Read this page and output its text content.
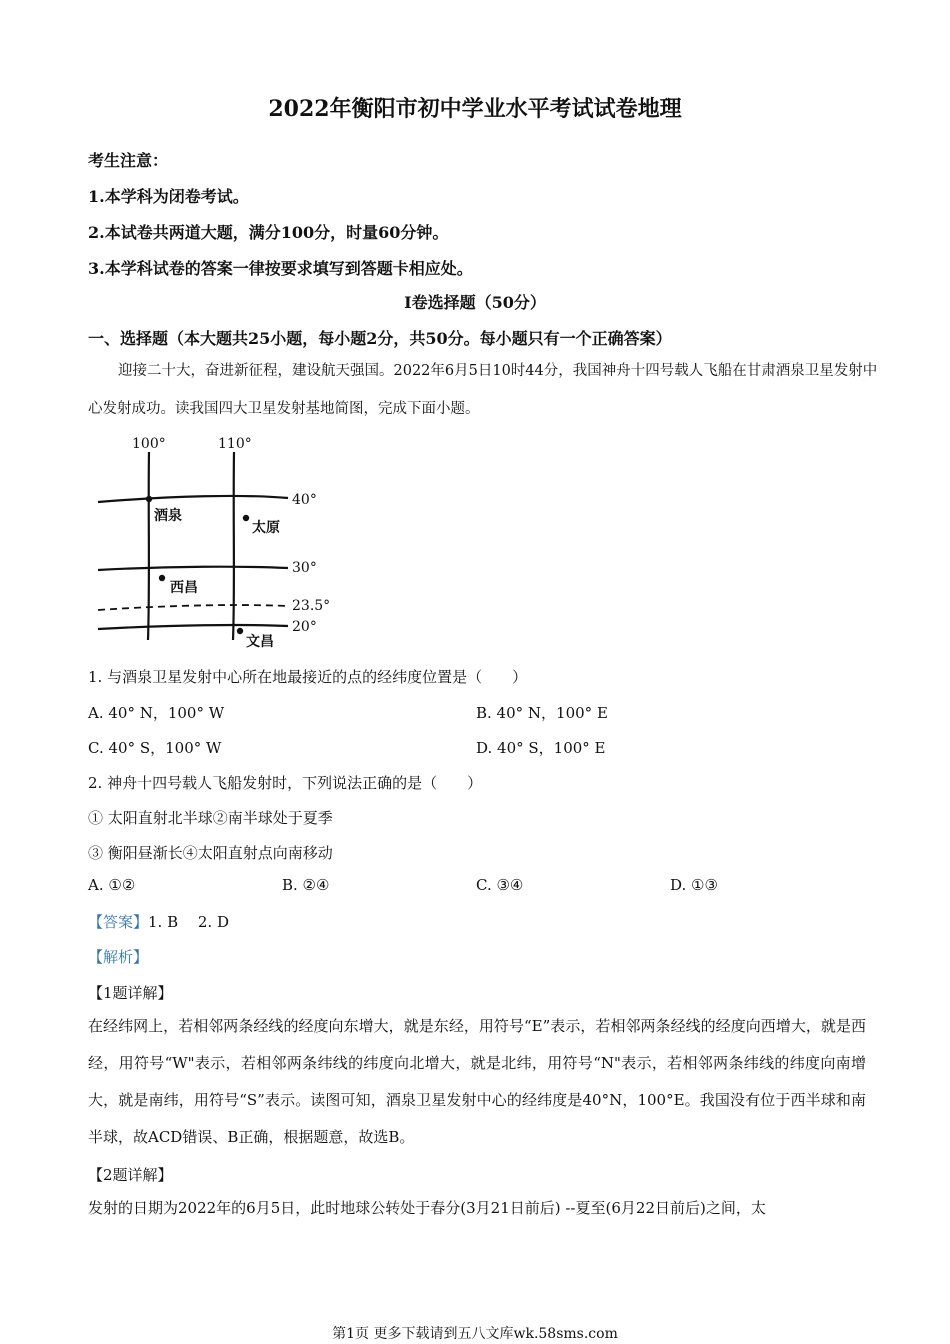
2022年衡阳市初中学业水平考试试卷地理
考生注意：
1.本学科为闭卷考试。
2.本试卷共两道大题，满分100分，时量60分钟。
3.本学科试卷的答案一律按要求填写到答题卡相应处。
I卷选择题（50分）
一、选择题（本大题共25小题，每小题2分，共50分。每小题只有一个正确答案）
迎接二十大，奋进新征程，建设航天强国。2022年6月5日10时44分，我国神舟十四号载人飞船在甘肃酒泉卫星发射中心发射成功。读我国四大卫星发射基地简图，完成下面小题。
100°	110°
40°
30°
23.5°
20°
酒泉
太原
西昌
文昌
1. 与酒泉卫星发射中心所在地最接近的点的经纬度位置是（　　）
A. 40° N，100° W	B. 40° N，100° E
C. 40° S，100° W	D. 40° S，100° E
2. 神舟十四号载人飞船发射时，下列说法正确的是（　　）
① 太阳直射北半球②南半球处于夏季
③ 衡阳昼渐长④太阳直射点向南移动
A. ①②	B. ②④	C. ③④	D. ①③
【答案】1. B　 2. D
【解析】
【1题详解】
在经纬网上，若相邻两条经线的经度向东增大，就是东经，用符号“E”表示，若相邻两条经线的经度向西增大，就是西经，用符号“W"表示，若相邻两条纬线的纬度向北增大，就是北纬，用符号“N"表示，若相邻两条纬线的纬度向南增大，就是南纬，用符号“S”表示。读图可知，酒泉卫星发射中心的经纬度是40°N，100°E。我国没有位于西半球和南半球，故ACD错误、B正确，根据题意，故选B。
【2题详解】
发射的日期为2022年的6月5日，此时地球公转处于春分(3月21日前后) --夏至(6月22日前后)之间，太
第1页 更多下载请到五八文库wk.58sms.com
